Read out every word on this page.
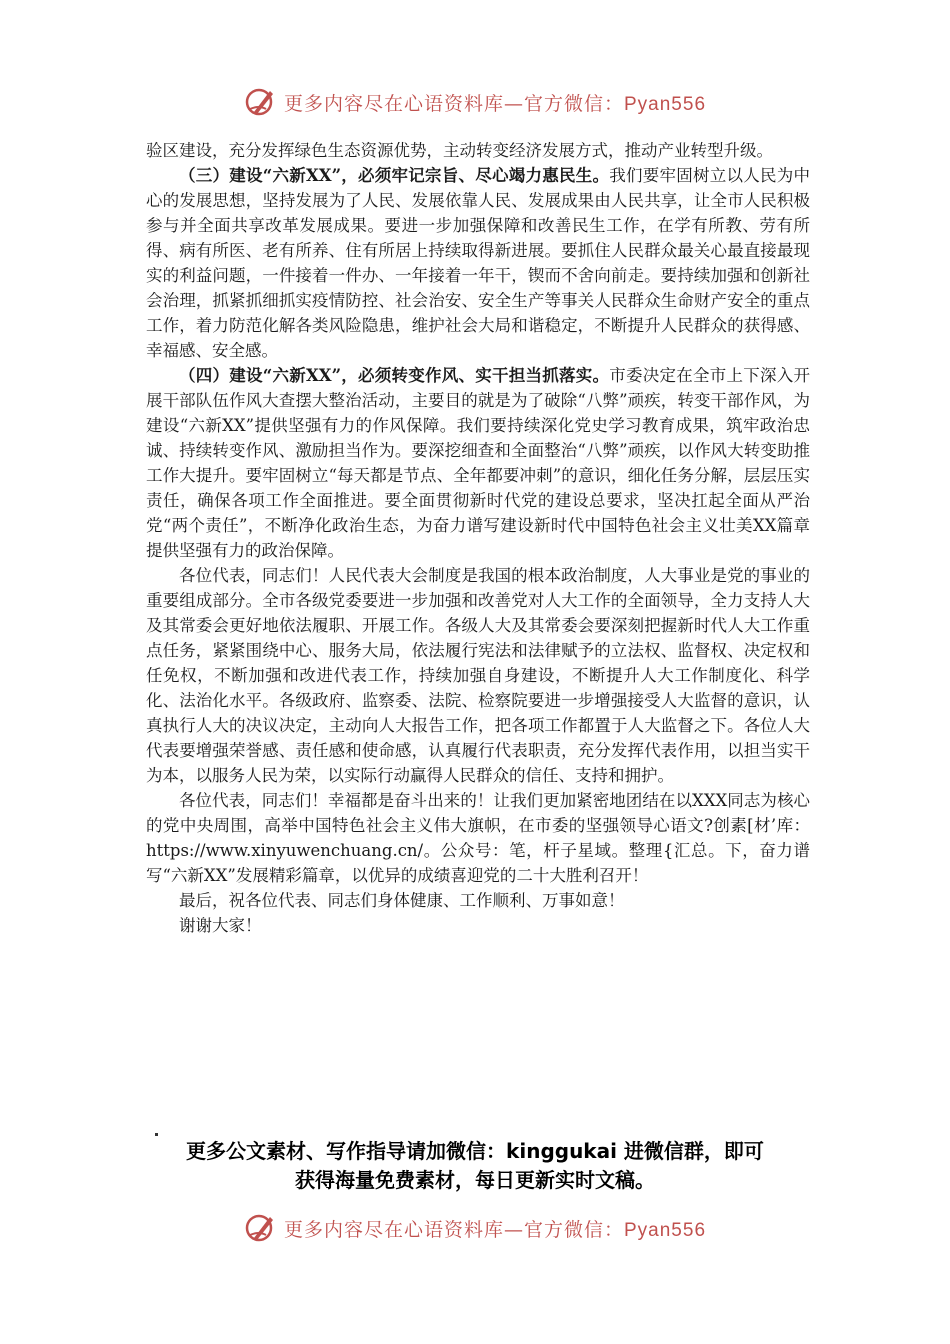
更多内容尽在心语资料库—官方微信：Pyan556

验区建设，充分发挥绿色生态资源优势，主动转变经济发展方式，推动产业转型升级。

（三）建设“六新XX”，必须牢记宗旨、尽心竭力惠民生。我们要牢固树立以人民为中心的发展思想，坚持发展为了人民、发展依靠人民、发展成果由人民共享，让全市人民积极参与并全面共享改革发展成果。要进一步加强保障和改善民生工作，在学有所教、劳有所得、病有所医、老有所养、住有所居上持续取得新进展。要抓住人民群众最关心最直接最现实的利益问题，一件接着一件办、一年接着一年干，锲而不舍向前走。要持续加强和创新社会治理，抓紧抓细抓实疫情防控、社会治安、安全生产等事关人民群众生命财产安全的重点工作，着力防范化解各类风险隐患，维护社会大局和谐稳定，不断提升人民群众的获得感、幸福感、安全感。

（四）建设“六新XX”，必须转变作风、实干担当抓落实。市委决定在全市上下深入开展干部队伍作风大查摆大整治活动，主要目的就是为了破除“八弊”顽疾，转变干部作风，为建设“六新XX”提供坚强有力的作风保障。我们要持续深化党史学习教育成果，筑牢政治忠诚、持续转变作风、激励担当作为。要深挖细查和全面整治“八弊”顽疾，以作风大转变助推工作大提升。要牢固树立“每天都是节点、全年都要冲刺”的意识，细化任务分解，层层压实责任，确保各项工作全面推进。要全面贯彻新时代党的建设总要求，坚决扛起全面从严治党“两个责任”，不断净化政治生态，为奋力谱写建设新时代中国特色社会主义壮美XX篇章提供坚强有力的政治保障。

各位代表，同志们！人民代表大会制度是我国的根本政治制度，人大事业是党的事业的重要组成部分。全市各级党委要进一步加强和改善党对人大工作的全面领导，全力支持人大及其常委会更好地依法履职、开展工作。各级人大及其常委会要深刻把握新时代人大工作重点任务，紧紧围绕中心、服务大局，依法履行宪法和法律赋予的立法权、监督权、决定权和任免权，不断加强和改进代表工作，持续加强自身建设，不断提升人大工作制度化、科学化、法治化水平。各级政府、监察委、法院、检察院要进一步增强接受人大监督的意识，认真执行人大的决议决定，主动向人大报告工作，把各项工作都置于人大监督之下。各位人大代表要增强荣誉感、责任感和使命感，认真履行代表职责，充分发挥代表作用，以担当实干为本，以服务人民为荣，以实际行动赢得人民群众的信任、支持和拥护。

各位代表，同志们！幸福都是奋斗出来的！让我们更加紧密地团结在以XXX同志为核心的党中央周围，高举中国特色社会主义伟大旗帜，在市委的坚强领导心语文?创素[材’库：https://www.xinyuwenchuang.cn/。公众号：笔，杆子星域。整理{汇总。下，奋力谱写“六新XX”发展精彩篇章，以优异的成绩喜迎党的二十大胜利召开！

最后，祝各位代表、同志们身体健康、工作顺利、万事如意！

谢谢大家！

更多公文素材、写作指导请加微信：kinggukai 进微信群，即可
获得海量免费素材，每日更新实时文稿。
更多内容尽在心语资料库—官方微信：Pyan556
